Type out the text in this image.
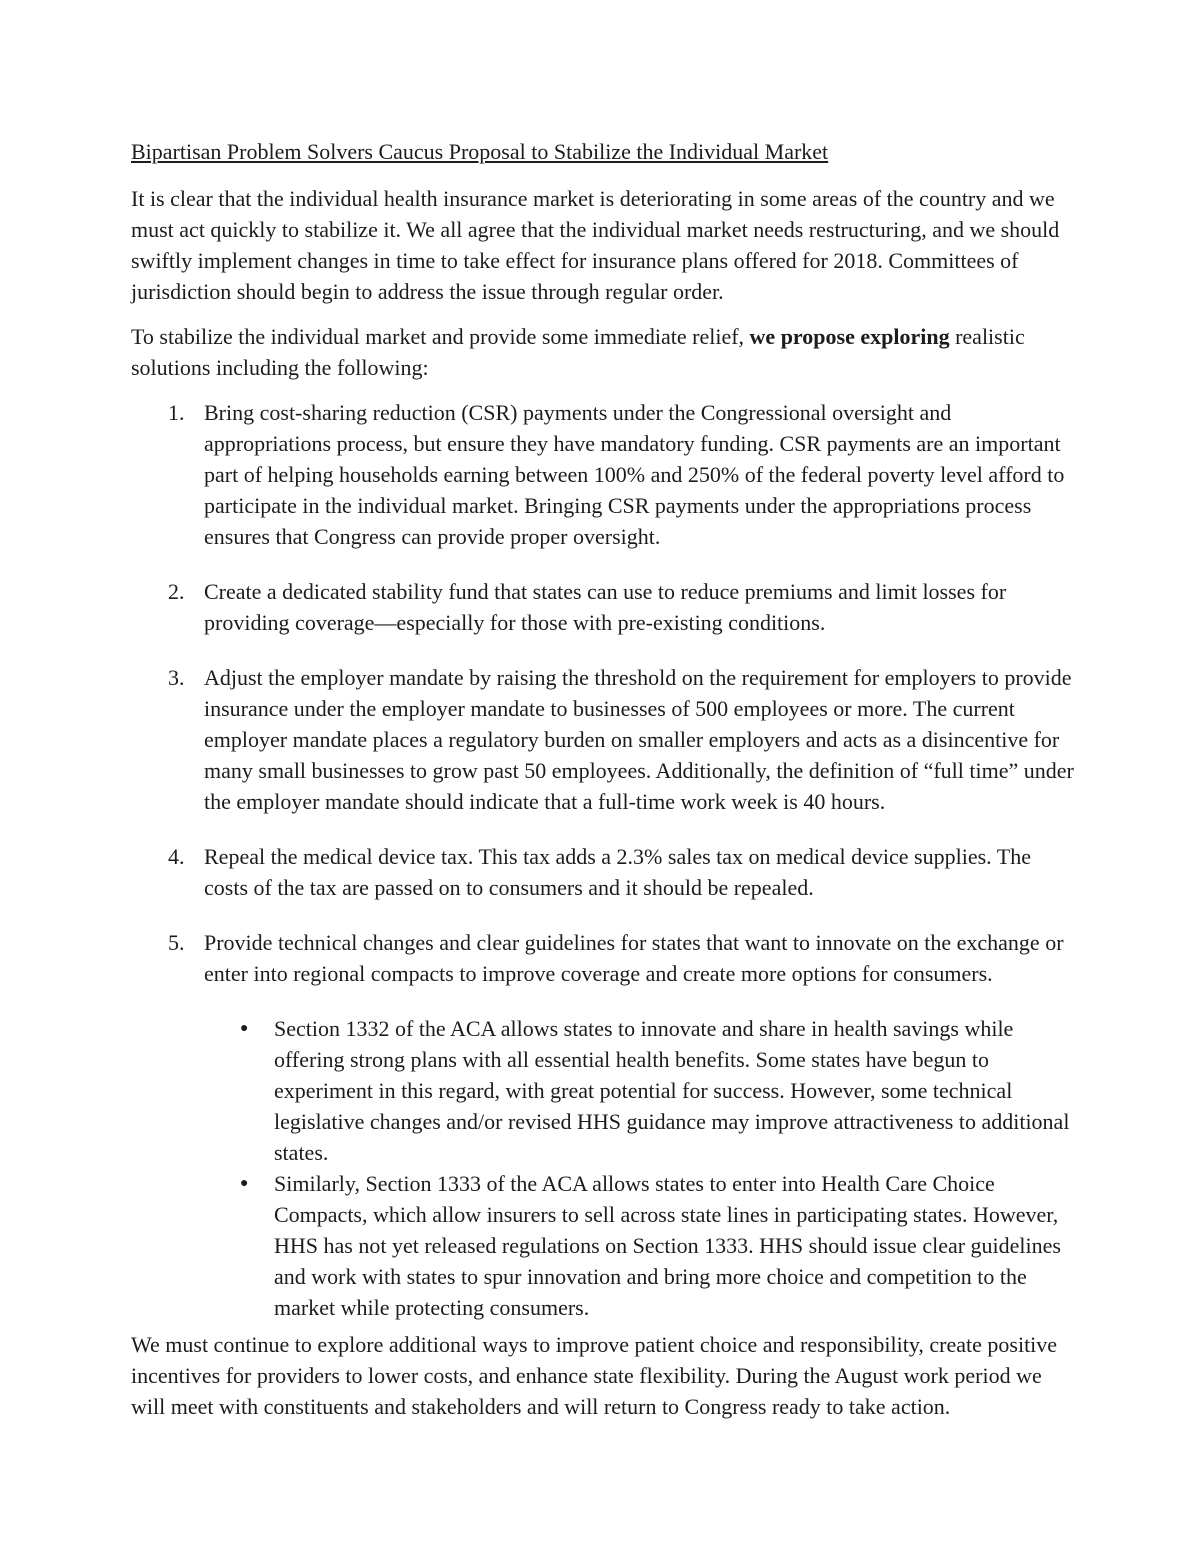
Bipartisan Problem Solvers Caucus Proposal to Stabilize the Individual Market

It is clear that the individual health insurance market is deteriorating in some areas of the country and we must act quickly to stabilize it. We all agree that the individual market needs restructuring, and we should swiftly implement changes in time to take effect for insurance plans offered for 2018. Committees of jurisdiction should begin to address the issue through regular order.

To stabilize the individual market and provide some immediate relief, we propose exploring realistic solutions including the following:

1. Bring cost-sharing reduction (CSR) payments under the Congressional oversight and appropriations process, but ensure they have mandatory funding. CSR payments are an important part of helping households earning between 100% and 250% of the federal poverty level afford to participate in the individual market. Bringing CSR payments under the appropriations process ensures that Congress can provide proper oversight.
2. Create a dedicated stability fund that states can use to reduce premiums and limit losses for providing coverage—especially for those with pre-existing conditions.
3. Adjust the employer mandate by raising the threshold on the requirement for employers to provide insurance under the employer mandate to businesses of 500 employees or more. The current employer mandate places a regulatory burden on smaller employers and acts as a disincentive for many small businesses to grow past 50 employees. Additionally, the definition of “full time” under the employer mandate should indicate that a full-time work week is 40 hours.
4. Repeal the medical device tax. This tax adds a 2.3% sales tax on medical device supplies. The costs of the tax are passed on to consumers and it should be repealed.
5. Provide technical changes and clear guidelines for states that want to innovate on the exchange or enter into regional compacts to improve coverage and create more options for consumers.
●	Section 1332 of the ACA allows states to innovate and share in health savings while offering strong plans with all essential health benefits. Some states have begun to experiment in this regard, with great potential for success. However, some technical legislative changes and/or revised HHS guidance may improve attractiveness to additional states.
●	Similarly, Section 1333 of the ACA allows states to enter into Health Care Choice Compacts, which allow insurers to sell across state lines in participating states. However, HHS has not yet released regulations on Section 1333. HHS should issue clear guidelines and work with states to spur innovation and bring more choice and competition to the market while protecting consumers.

We must continue to explore additional ways to improve patient choice and responsibility, create positive incentives for providers to lower costs, and enhance state flexibility. During the August work period we will meet with constituents and stakeholders and will return to Congress ready to take action.
